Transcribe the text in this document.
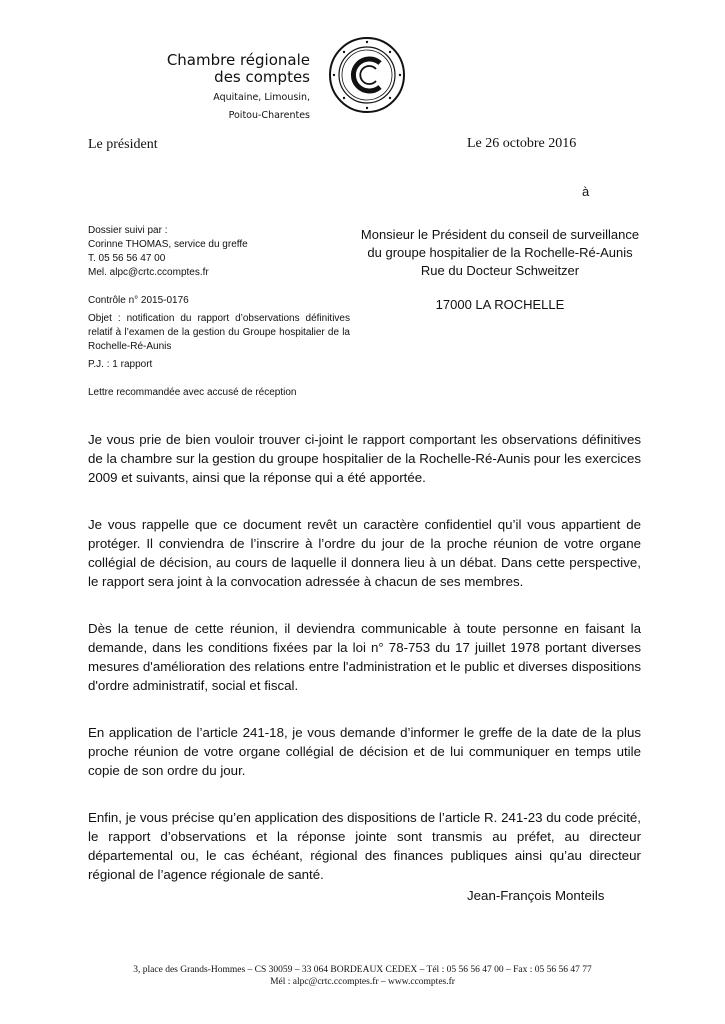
Chambre régionale
des comptes
Aquitaine, Limousin,
Poitou-Charentes
Le président	Le 26 octobre 2016
à
Monsieur le Président du conseil de surveillance
du groupe hospitalier de la Rochelle-Ré-Aunis
Rue du Docteur Schweitzer
17000 LA ROCHELLE
Dossier suivi par :
Corinne THOMAS, service du greffe
T. 05 56 56 47 00
Mel. alpc@crtc.ccomptes.fr
Contrôle n° 2015-0176
Objet : notification du rapport d’observations définitives relatif à l’examen de la gestion du Groupe hospitalier de la Rochelle-Ré-Aunis
P.J. : 1 rapport
Lettre recommandée avec accusé de réception

Je vous prie de bien vouloir trouver ci-joint le rapport comportant les observations définitives de la chambre sur la gestion du groupe hospitalier de la Rochelle-Ré-Aunis pour les exercices 2009 et suivants, ainsi que la réponse qui a été apportée.

Je vous rappelle que ce document revêt un caractère confidentiel qu’il vous appartient de protéger. Il conviendra de l’inscrire à l’ordre du jour de la proche réunion de votre organe collégial de décision, au cours de laquelle il donnera lieu à un débat. Dans cette perspective, le rapport sera joint à la convocation adressée à chacun de ses membres.

Dès la tenue de cette réunion, il deviendra communicable à toute personne en faisant la demande, dans les conditions fixées par la loi n° 78-753 du 17 juillet 1978 portant diverses mesures d'amélioration des relations entre l'administration et le public et diverses dispositions d'ordre administratif, social et fiscal.

En application de l’article 241-18, je vous demande d’informer le greffe de la date de la plus proche réunion de votre organe collégial de décision et de lui communiquer en temps utile copie de son ordre du jour.

Enfin, je vous précise qu’en application des dispositions de l’article R. 241-23 du code précité, le rapport d’observations et la réponse jointe sont transmis au préfet, au directeur départemental ou, le cas échéant, régional des finances publiques ainsi qu’au directeur régional de l’agence régionale de santé.

Jean-François Monteils
3, place des Grands-Hommes – CS 30059 – 33 064 BORDEAUX CEDEX – Tél : 05 56 56 47 00 – Fax : 05 56 56 47 77
Mél : alpc@crtc.ccomptes.fr – www.ccomptes.fr
